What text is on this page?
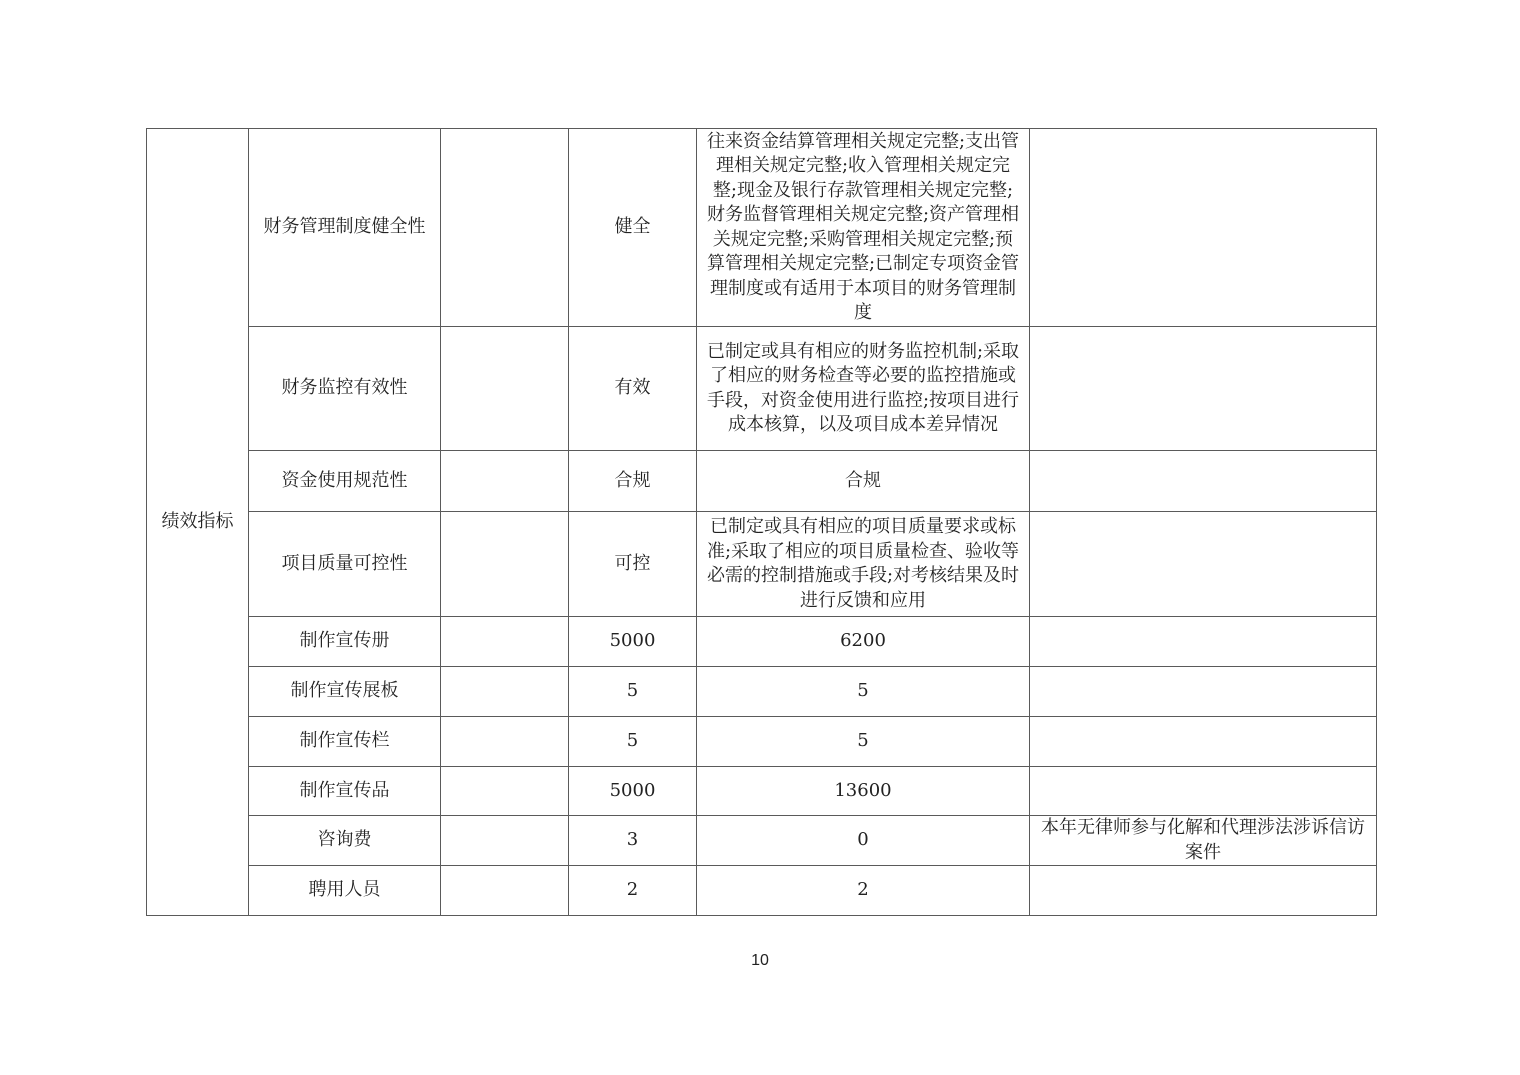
绩效指标	财务管理制度健全性		健全	往来资金结算管理相关规定完整;支出管理相关规定完整;收入管理相关规定完整;现金及银行存款管理相关规定完整;财务监督管理相关规定完整;资产管理相关规定完整;采购管理相关规定完整;预算管理相关规定完整;已制定专项资金管理制度或有适用于本项目的财务管理制度	
	财务监控有效性		有效	已制定或具有相应的财务监控机制;采取了相应的财务检查等必要的监控措施或手段，对资金使用进行监控;按项目进行成本核算，以及项目成本差异情况	
	资金使用规范性		合规	合规	
	项目质量可控性		可控	已制定或具有相应的项目质量要求或标准;采取了相应的项目质量检查、验收等必需的控制措施或手段;对考核结果及时进行反馈和应用	
	制作宣传册		5000	6200	
	制作宣传展板		5	5	
	制作宣传栏		5	5	
	制作宣传品		5000	13600	
	咨询费		3	0	本年无律师参与化解和代理涉法涉诉信访案件
	聘用人员		2	2	
10
